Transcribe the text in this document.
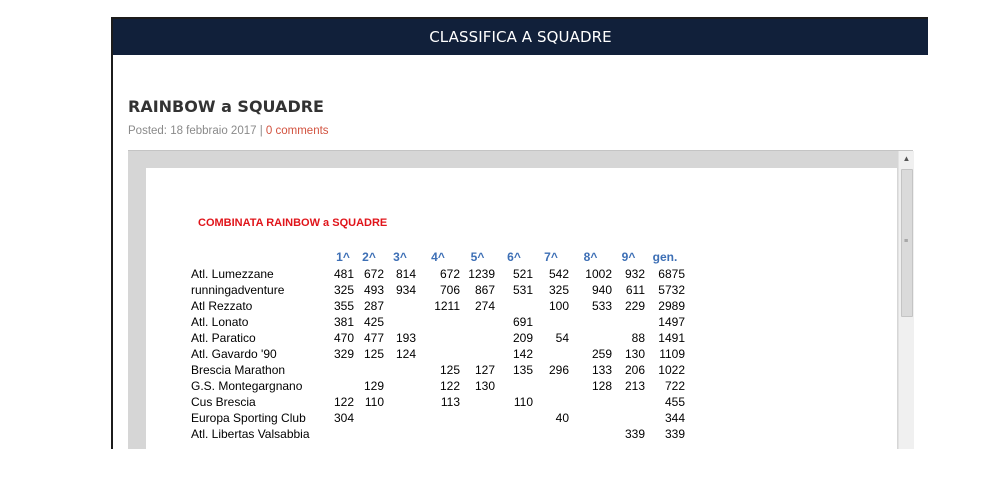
CLASSIFICA A SQUADRE
RAINBOW a SQUADRE
Posted: 18 febbraio 2017 | 0 comments
COMBINATA RAINBOW a SQUADRE
	1^	2^	3^	4^	5^	6^	7^	8^	9^	gen.
Atl. Lumezzane	481	672	814	672	1239	521	542	1002	932	6875
runningadventure	325	493	934	706	867	531	325	940	611	5732
Atl Rezzato	355	287		1211	274		100	533	229	2989
Atl. Lonato	381	425				691				1497
Atl. Paratico	470	477	193			209	54		88	1491
Atl. Gavardo '90	329	125	124			142		259	130	1109
Brescia Marathon				125	127	135	296	133	206	1022
G.S. Montegargnano		129		122	130			128	213	722
Cus Brescia	122	110		113		110				455
Europa Sporting Club	304						40			344
Atl. Libertas Valsabbia									339	339
▲
≡
